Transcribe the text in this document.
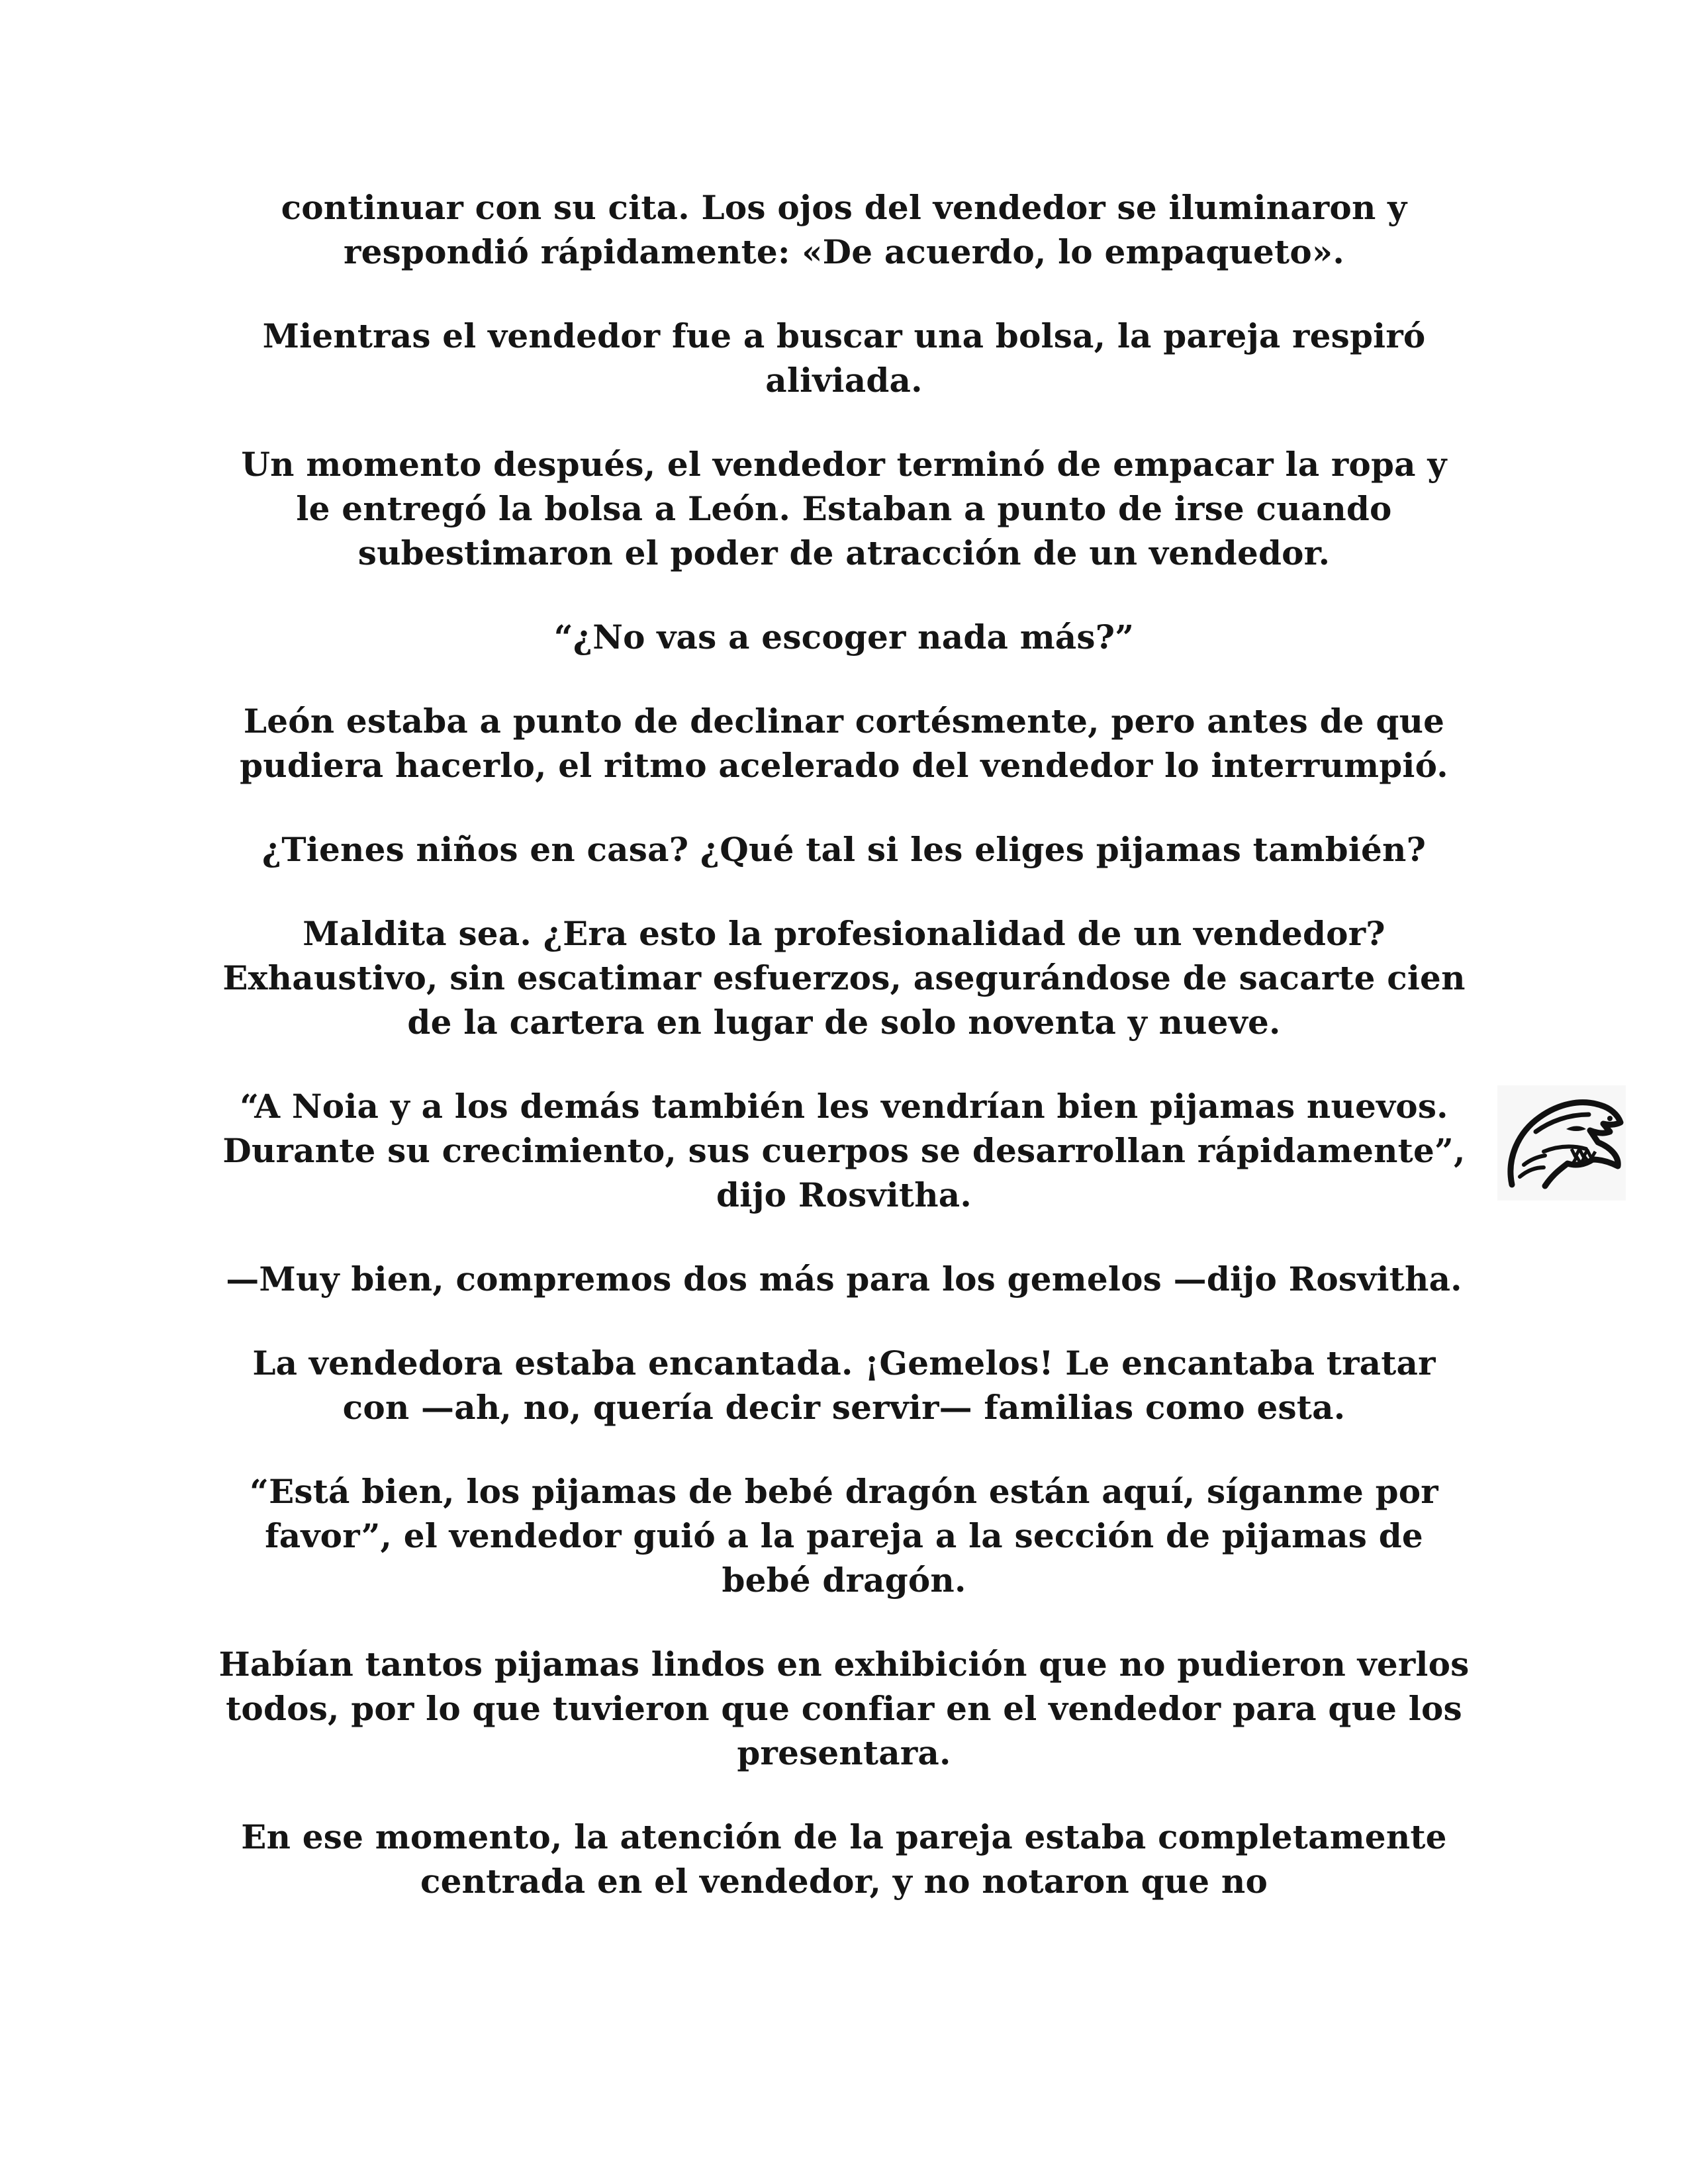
continuar con su cita. Los ojos del vendedor se iluminaron y respondió rápidamente: «De acuerdo, lo empaqueto».

Mientras el vendedor fue a buscar una bolsa, la pareja respiró aliviada.

Un momento después, el vendedor terminó de empacar la ropa y le entregó la bolsa a León. Estaban a punto de irse cuando subestimaron el poder de atracción de un vendedor.

“¿No vas a escoger nada más?”

León estaba a punto de declinar cortésmente, pero antes de que pudiera hacerlo, el ritmo acelerado del vendedor lo interrumpió.

¿Tienes niños en casa? ¿Qué tal si les eliges pijamas también?

Maldita sea. ¿Era esto la profesionalidad de un vendedor? Exhaustivo, sin escatimar esfuerzos, asegurándose de sacarte cien de la cartera en lugar de solo noventa y nueve.

“A Noia y a los demás también les vendrían bien pijamas nuevos. Durante su crecimiento, sus cuerpos se desarrollan rápidamente”, dijo Rosvitha.

—Muy bien, compremos dos más para los gemelos —dijo Rosvitha.

La vendedora estaba encantada. ¡Gemelos! Le encantaba tratar con —ah, no, quería decir servir— familias como esta.

“Está bien, los pijamas de bebé dragón están aquí, síganme por favor”, el vendedor guió a la pareja a la sección de pijamas de bebé dragón.

Habían tantos pijamas lindos en exhibición que no pudieron verlos todos, por lo que tuvieron que confiar en el vendedor para que los presentara.

En ese momento, la atención de la pareja estaba completamente centrada en el vendedor, y no notaron que no
